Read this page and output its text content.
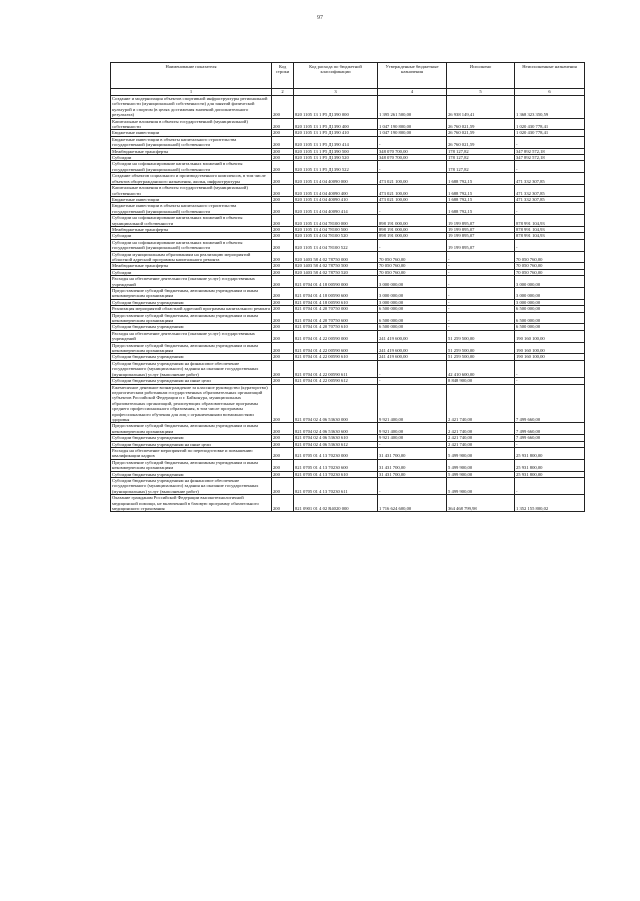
97
Наименование показателя	Код строки	Код расхода по бюджетной классификации	Утвержденные бюджетные назначения	Исполнено	Неисполненные назначения
1	2	3	4	5	6
Создание и модернизация объектов спортивной инфраструктуры региональной собственности (муниципальной собственности) для занятий физической культурой и спортом (в целях достижения значений дополнительного результата)	200	820 1105 13 1 P5 Д1390 000	1 395 261 500,00	26 938 149,41	1 368 323 350,59
Капитальные вложения в объекты государственной (муниципальной) собственности	200	820 1105 13 1 P5 Д1390 400	1 047 190 800,00	26 760 021,59	1 020 430 778,41
Бюджетные инвестиции	200	820 1105 13 1 P5 Д1390 410	1 047 190 800,00	26 760 021,59	1 020 430 778,41
Бюджетные инвестиции в объекты капитального строительства государственной (муниципальной) собственности	200	820 1105 13 1 P5 Д1390 414	-	26 760 021,59	-
Межбюджетные трансферты	200	820 1105 13 1 P5 Д1390 500	348 070 700,00	178 127,82	347 892 572,18
Субсидии	200	820 1105 13 1 P5 Д1390 520	348 070 700,00	178 127,82	347 892 572,18
Субсидии на софинансирование капитальных вложений в объекты государственной (муниципальной) собственности	200	820 1105 13 1 P5 Д1390 522	-	178 127,82	-
Создание объектов социального и производственного комплексов, в том числе объектов общегражданского назначения, жилья, инфраструктуры	200	820 1105 13 4 04 40090 000	473 021 100,00	1 688 792,15	471 332 307,85
Капитальные вложения в объекты государственной (муниципальной) собственности	200	820 1105 13 4 04 40090 400	473 021 100,00	1 688 792,15	471 332 307,85
Бюджетные инвестиции	200	820 1105 13 4 04 40090 410	473 021 100,00	1 688 792,15	471 332 307,85
Бюджетные инвестиции в объекты капитального строительства государственной (муниципальной) собственности	200	820 1105 13 4 04 40090 414	-	1 688 792,15	-
Субсидии на софинансирование капитальных вложений в объекты муниципальной собственности	200	820 1105 13 4 04 78100 000	898 191 000,00	19 199 895,07	878 991 104,93
Межбюджетные трансферты	200	820 1105 13 4 04 78100 500	898 191 000,00	19 199 895,07	878 991 104,93
Субсидии	200	820 1105 13 4 04 78100 520	898 191 000,00	19 199 895,07	878 991 104,93
Субсидии на софинансирование капитальных вложений в объекты государственной (муниципальной) собственности	200	820 1105 13 4 04 78100 522	-	19 199 895,07	-
Субсидии муниципальным образованиям на реализацию мероприятий областной адресной программы капитального ремонта	200	820 1403 58 4 02 78750 000	70 050 760,00	-	70 050 760,00
Межбюджетные трансферты	200	820 1403 58 4 02 78750 500	70 050 760,00	-	70 050 760,00
Субсидии	200	820 1403 58 4 02 78750 520	70 050 760,00	-	70 050 760,00
Расходы на обеспечение деятельности (оказание услуг) государственных учреждений	200	821 0704 01 4 18 00590 000	3 000 000,00	-	3 000 000,00
Предоставление субсидий бюджетным, автономным учреждениям и иным некоммерческим организациям	200	821 0704 01 4 18 00590 600	3 000 000,00	-	3 000 000,00
Субсидии бюджетным учреждениям	200	821 0704 01 4 18 00590 610	3 000 000,00	-	3 000 000,00
Реализация мероприятий областной адресной программы капитального ремонта	200	821 0704 01 4 20 70750 000	6 500 000,00	-	6 500 000,00
Предоставление субсидий бюджетным, автономным учреждениям и иным некоммерческим организациям	200	821 0704 01 4 20 70750 600	6 500 000,00	-	6 500 000,00
Субсидии бюджетным учреждениям	200	821 0704 01 4 20 70750 610	6 500 000,00	-	6 500 000,00
Расходы на обеспечение деятельности (оказание услуг) государственных учреждений	200	821 0704 01 4 22 00590 000	241 419 600,00	51 259 500,00	190 160 100,00
Предоставление субсидий бюджетным, автономным учреждениям и иным некоммерческим организациям	200	821 0704 01 4 22 00590 600	241 419 600,00	51 259 500,00	190 160 100,00
Субсидии бюджетным учреждениям	200	821 0704 01 4 22 00590 610	241 419 600,00	51 259 500,00	190 160 100,00
Субсидии бюджетным учреждениям на финансовое обеспечение государственного (муниципального) задания на оказание государственных (муниципальных) услуг (выполнение работ)	200	821 0704 01 4 22 00590 611	-	42 410 600,00	-
Субсидии бюджетным учреждениям на иные цели	200	821 0704 01 4 22 00590 612	-	8 848 900,00	-
Ежемесячное денежное вознаграждение за классное руководство (кураторство) педагогическим работникам государственных образовательных организаций субъектов Российской Федерации и г. Байконура, муниципальных образовательных организаций, реализующих образовательные программы среднего профессионального образования, в том числе программы профессионального обучения для лиц с ограниченными возможностями здоровья	200	821 0704 02 4 06 53630 000	9 921 400,00	2 421 740,00	7 499 660,00
Предоставление субсидий бюджетным, автономным учреждениям и иным некоммерческим организациям	200	821 0704 02 4 06 53630 600	9 921 400,00	2 421 740,00	7 499 660,00
Субсидии бюджетным учреждениям	200	821 0704 02 4 06 53630 610	9 921 400,00	2 421 740,00	7 499 660,00
Субсидии бюджетным учреждениям на иные цели	200	821 0704 02 4 06 53630 612	-	2 421 740,00	-
Расходы на обеспечение мероприятий по переподготовке и повышению квалификации кадров	200	821 0705 01 4 13 70230 000	31 431 700,00	5 499 900,00	25 931 800,00
Предоставление субсидий бюджетным, автономным учреждениям и иным некоммерческим организациям	200	821 0705 01 4 13 70230 600	31 431 700,00	5 499 900,00	25 931 800,00
Субсидии бюджетным учреждениям	200	821 0705 01 4 13 70230 610	31 431 700,00	5 499 900,00	25 931 800,00
Субсидии бюджетным учреждениям на финансовое обеспечение государственного (муниципального) задания на оказание государственных (муниципальных) услуг (выполнение работ)	200	821 0705 01 4 13 70230 611	-	5 499 900,00	-
Оказание гражданам Российской Федерации высокотехнологичной медицинской помощи, не включенной в базовую программу обязательного медицинского страхования	200	821 0901 01 4 02 R4020 000	1 716 624 600,00	364 468 799,98	1 352 155 800,02
